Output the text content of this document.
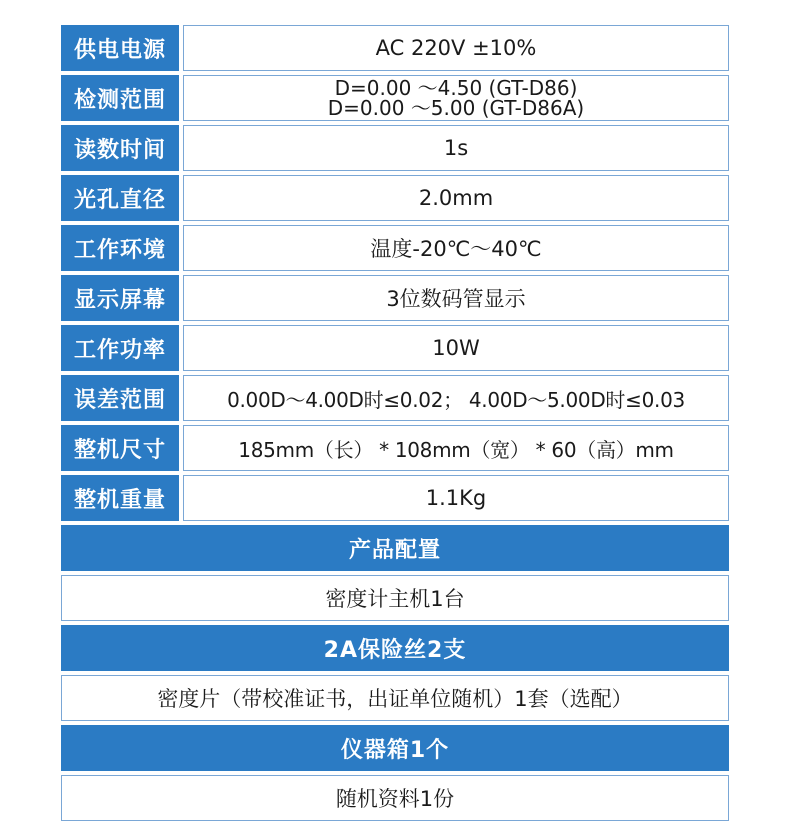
供电电源	AC 220V ±10%
检测范围	D=0.00 ～4.50 (GT-D86)
D=0.00 ～5.00 (GT-D86A)
读数时间	1s
光孔直径	2.0mm
工作环境	温度-20℃～40℃
显示屏幕	3位数码管显示
工作功率	10W
误差范围	0.00D～4.00D时≤0.02； 4.00D～5.00D时≤0.03
整机尺寸	185mm（长） * 108mm（宽） * 60（高）mm
整机重量	1.1Kg
产品配置
密度计主机1台
2A保险丝2支
密度片（带校准证书，出证单位随机）1套（选配）
仪器箱1个
随机资料1份
